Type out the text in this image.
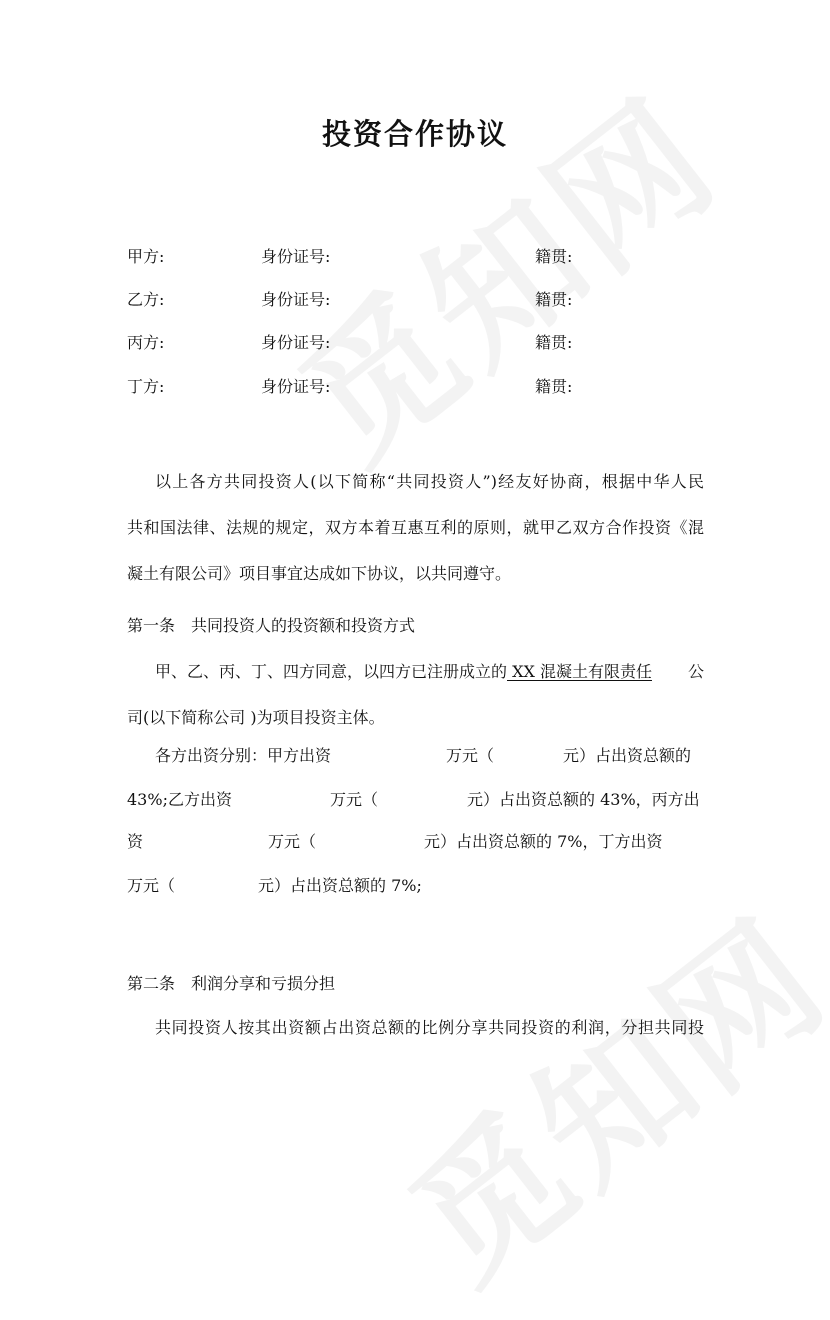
投资合作协议
甲方:	身份证号:	籍贯:
乙方:	身份证号:	籍贯:
丙方:	身份证号:	籍贯:
丁方:	身份证号:	籍贯:
以上各方共同投资人(以下简称“共同投资人”)经友好协商，根据中华人民
共和国法律、法规的规定，双方本着互惠互利的原则，就甲乙双方合作投资《混
凝土有限公司》项目事宜达成如下协议，以共同遵守。
第一条　共同投资人的投资额和投资方式
甲、乙、丙、丁、四方同意，以四方已注册成立的 XX 混凝土有限责任 公
司(以下简称公司 )为项目投资主体。
各方出资分别：甲方出资	万元（	元）占出资总额的
43%;乙方出资	万元（	元）占出资总额的 43%，丙方出
资	万元（	元）占出资总额的 7%，丁方出资
万元（	元）占出资总额的 7%;
第二条　利润分享和亏损分担
共同投资人按其出资额占出资总额的比例分享共同投资的利润，分担共同投
